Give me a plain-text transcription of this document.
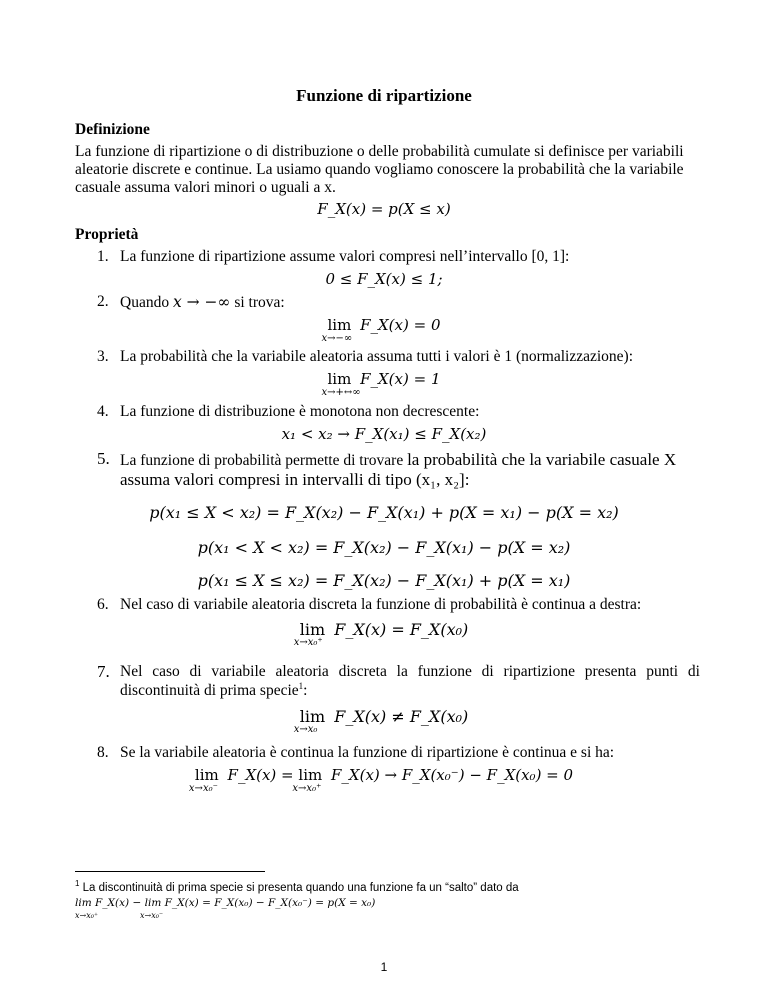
Funzione di ripartizione
Definizione
La funzione di ripartizione o di distribuzione o delle probabilità cumulate si definisce per variabili aleatorie discrete e continue. La usiamo quando vogliamo conoscere la probabilità che la variabile casuale assuma valori minori o uguali a x.
F_X(x) = p(X ≤ x)
Proprietà
1. La funzione di ripartizione assume valori compresi nell’intervallo [0, 1]:
0 ≤ F_X(x) ≤ 1;
2. Quando x → −∞ si trova:
lim
x→−∞
F_X(x) = 0
3. La probabilità che la variabile aleatoria assuma tutti i valori è 1 (normalizzazione):
lim
x→+↔∞
F_X(x) = 1
4. La funzione di distribuzione è monotona non decrescente:
x₁ < x₂ → F_X(x₁) ≤ F_X(x₂)
5. La funzione di probabilità permette di trovare la probabilità che la variabile casuale X
assuma valori compresi in intervalli di tipo (x₁, x₂]:
p(x₁ ≤ X < x₂) = F_X(x₂) − F_X(x₁) + p(X = x₁) − p(X = x₂)
p(x₁ < X < x₂) = F_X(x₂) − F_X(x₁) − p(X = x₂)
p(x₁ ≤ X ≤ x₂) = F_X(x₂) − F_X(x₁) + p(X = x₁)
6. Nel caso di variabile aleatoria discreta la funzione di probabilità è continua a destra:
lim
x→x₀⁺
F_X(x) = F_X(x₀)
7. Nel caso di variabile aleatoria discreta la funzione di ripartizione presenta punti di
discontinuità di prima specie$^1$:
lim
x→x₀
F_X(x) ≠ F_X(x₀)
8. Se la variabile aleatoria è continua la funzione di ripartizione è continua e si ha:
lim
x→x₀⁻
F_X(x) = lim
x→x₀⁺
F_X(x) → F_X(x₀⁻) − F_X(x₀) = 0
$^1$ La discontinuità di prima specie si presenta quando una funzione fa un “salto” dato da
lim F_X(x) − lim F_X(x) = F_X(x₀) − F_X(x₀⁻) = p(X = x₀)
x→x₀⁺	x→x₀⁻
1
